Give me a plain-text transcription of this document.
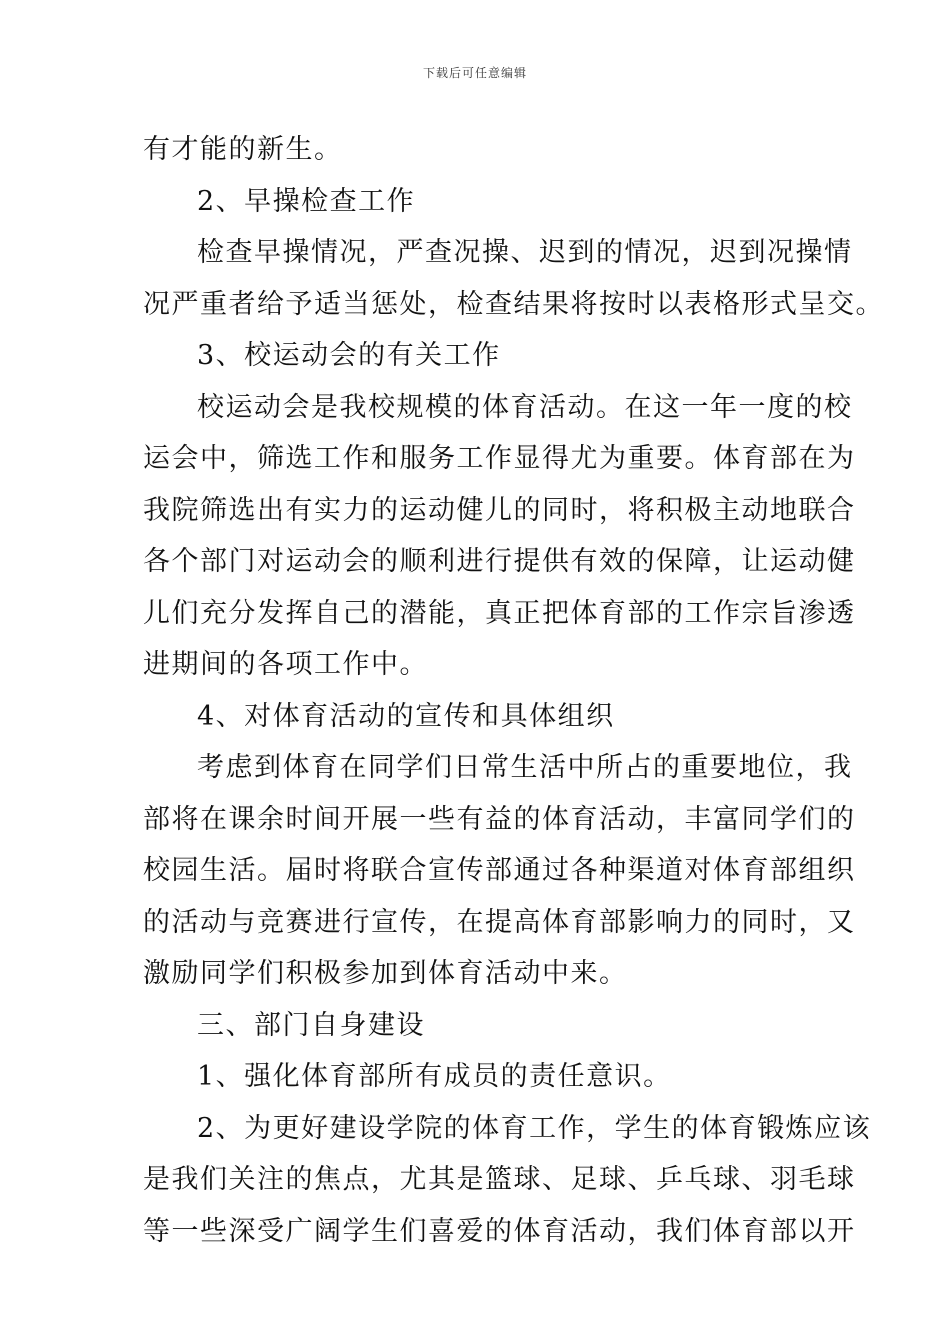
下载后可任意编辑
有才能的新生。
2、早操检查工作
检查早操情况，严查况操、迟到的情况，迟到况操情
况严重者给予适当惩处，检查结果将按时以表格形式呈交。
3、校运动会的有关工作
校运动会是我校规模的体育活动。在这一年一度的校
运会中，筛选工作和服务工作显得尤为重要。体育部在为
我院筛选出有实力的运动健儿的同时，将积极主动地联合
各个部门对运动会的顺利进行提供有效的保障，让运动健
儿们充分发挥自己的潜能，真正把体育部的工作宗旨渗透
进期间的各项工作中。
4、对体育活动的宣传和具体组织
考虑到体育在同学们日常生活中所占的重要地位，我
部将在课余时间开展一些有益的体育活动，丰富同学们的
校园生活。届时将联合宣传部通过各种渠道对体育部组织
的活动与竞赛进行宣传，在提高体育部影响力的同时，又
激励同学们积极参加到体育活动中来。
三、部门自身建设
1、强化体育部所有成员的责任意识。
2、为更好建设学院的体育工作，学生的体育锻炼应该
是我们关注的焦点，尤其是篮球、足球、乒乓球、羽毛球
等一些深受广阔学生们喜爱的体育活动，我们体育部以开
